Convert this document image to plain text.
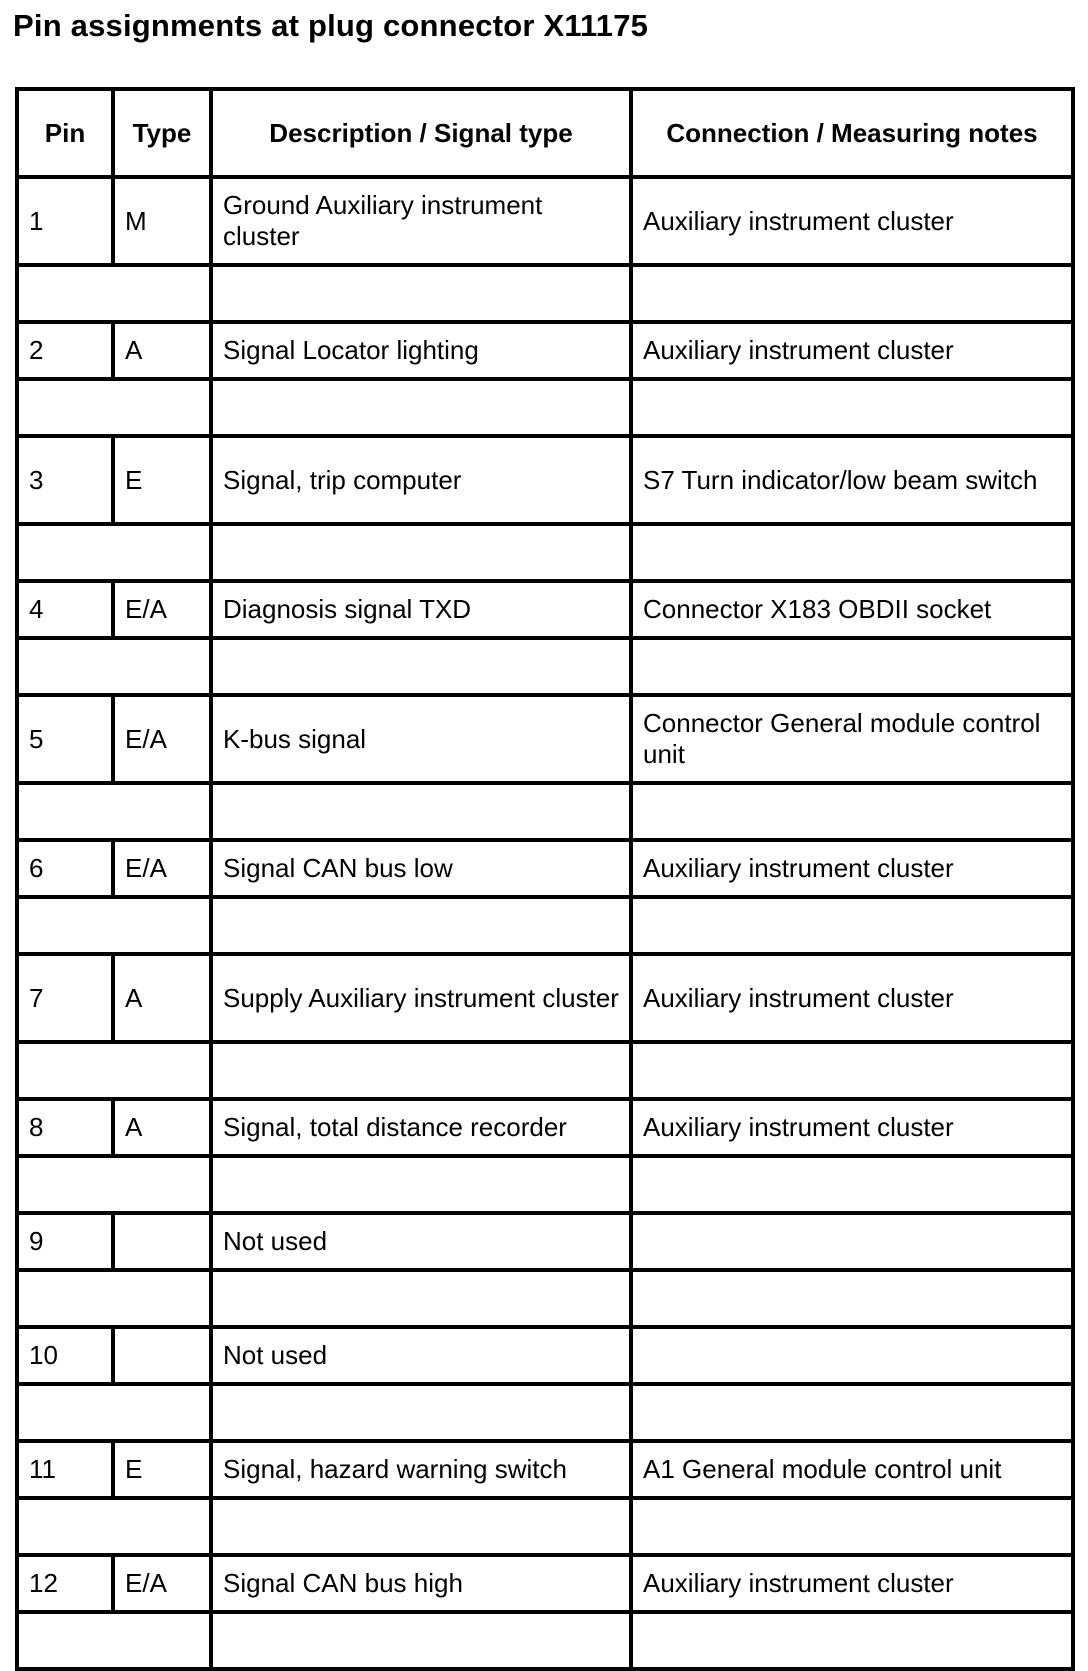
Pin assignments at plug connector X11175
Pin	Type	Description / Signal type	Connection / Measuring notes
1	M	Ground Auxiliary instrument cluster	Auxiliary instrument cluster

2	A	Signal Locator lighting	Auxiliary instrument cluster

3	E	Signal, trip computer	S7 Turn indicator/low beam switch

4	E/A	Diagnosis signal TXD	Connector X183 OBDII socket

5	E/A	K-bus signal	Connector General module control unit

6	E/A	Signal CAN bus low	Auxiliary instrument cluster

7	A	Supply Auxiliary instrument cluster	Auxiliary instrument cluster

8	A	Signal, total distance recorder	Auxiliary instrument cluster

9		Not used	

10		Not used	

11	E	Signal, hazard warning switch	A1 General module control unit

12	E/A	Signal CAN bus high	Auxiliary instrument cluster
